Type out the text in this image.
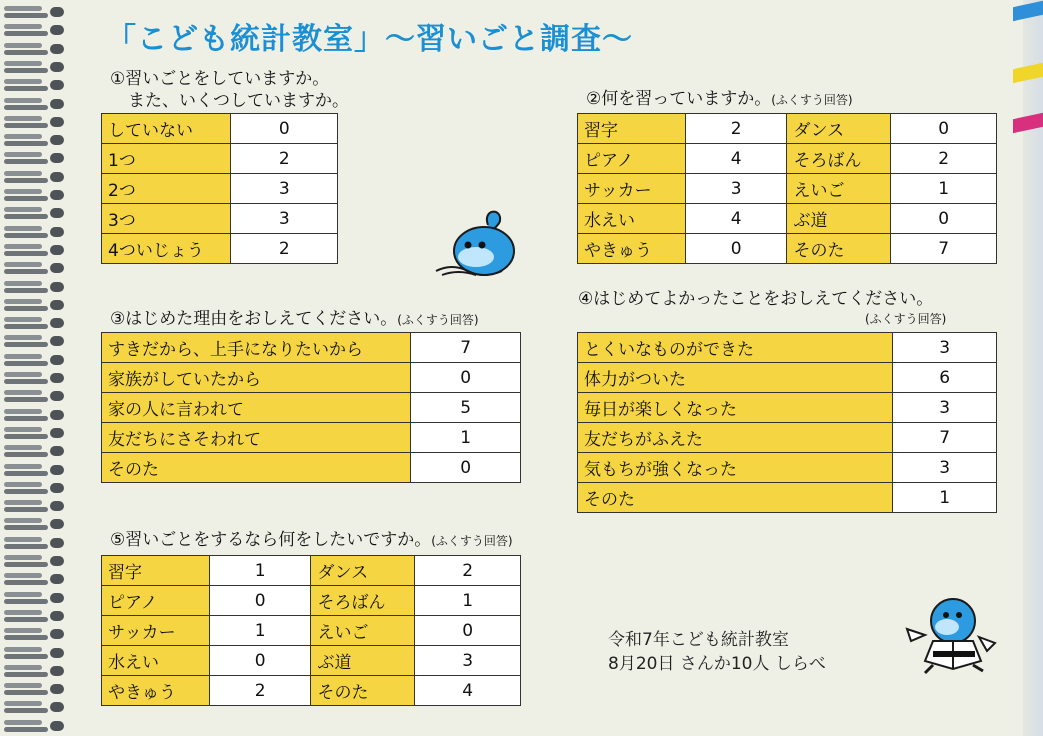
「こども統計教室」〜習いごと調査〜

①習いごとをしていますか。
また、いくつしていますか。

していない	0
1つ	2
2つ	3
3つ	3
4ついじょう	2

②何を習っていますか。(ふくすう回答)

習字	2	ダンス	0
ピアノ	4	そろばん	2
サッカー	3	えいご	1
水えい	4	ぶ道	0
やきゅう	0	そのた	7

③はじめた理由をおしえてください。(ふくすう回答)

すきだから、上手になりたいから	7
家族がしていたから	0
家の人に言われて	5
友だちにさそわれて	1
そのた	0

④はじめてよかったことをおしえてください。

(ふくすう回答)

とくいなものができた	3
体力がついた	6
毎日が楽しくなった	3
友だちがふえた	7
気もちが強くなった	3
そのた	1

⑤習いごとをするなら何をしたいですか。(ふくすう回答)

習字	1	ダンス	2
ピアノ	0	そろばん	1
サッカー	1	えいご	0
水えい	0	ぶ道	3
やきゅう	2	そのた	4
令和7年こども統計教室
8月20日 さんか10人 しらべ
